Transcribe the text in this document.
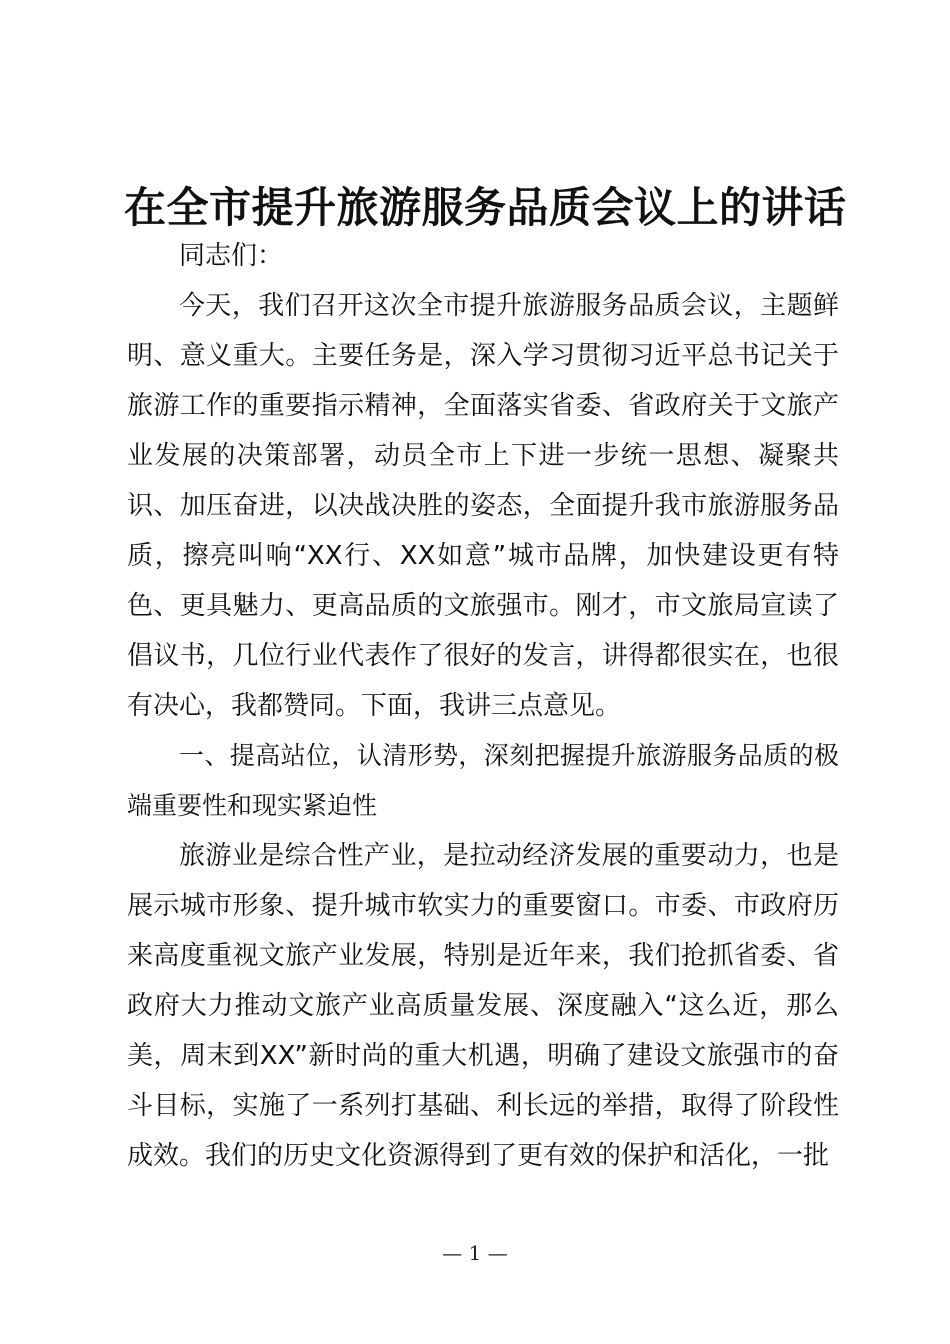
在全市提升旅游服务品质会议上的讲话

同志们：

今天，我们召开这次全市提升旅游服务品质会议，主题鲜明、意义重大。主要任务是，深入学习贯彻习近平总书记关于旅游工作的重要指示精神，全面落实省委、省政府关于文旅产业发展的决策部署，动员全市上下进一步统一思想、凝聚共识、加压奋进，以决战决胜的姿态，全面提升我市旅游服务品质，擦亮叫响“XX行、XX如意”城市品牌，加快建设更有特色、更具魅力、更高品质的文旅强市。刚才，市文旅局宣读了倡议书，几位行业代表作了很好的发言，讲得都很实在，也很有决心，我都赞同。下面，我讲三点意见。

一、提高站位，认清形势，深刻把握提升旅游服务品质的极端重要性和现实紧迫性

旅游业是综合性产业，是拉动经济发展的重要动力，也是展示城市形象、提升城市软实力的重要窗口。市委、市政府历来高度重视文旅产业发展，特别是近年来，我们抢抓省委、省政府大力推动文旅产业高质量发展、深度融入“这么近，那么美，周末到XX”新时尚的重大机遇，明确了建设文旅强市的奋斗目标，实施了一系列打基础、利长远的举措，取得了阶段性成效。我们的历史文化资源得到了更有效的保护和活化，一批

— 1 —
